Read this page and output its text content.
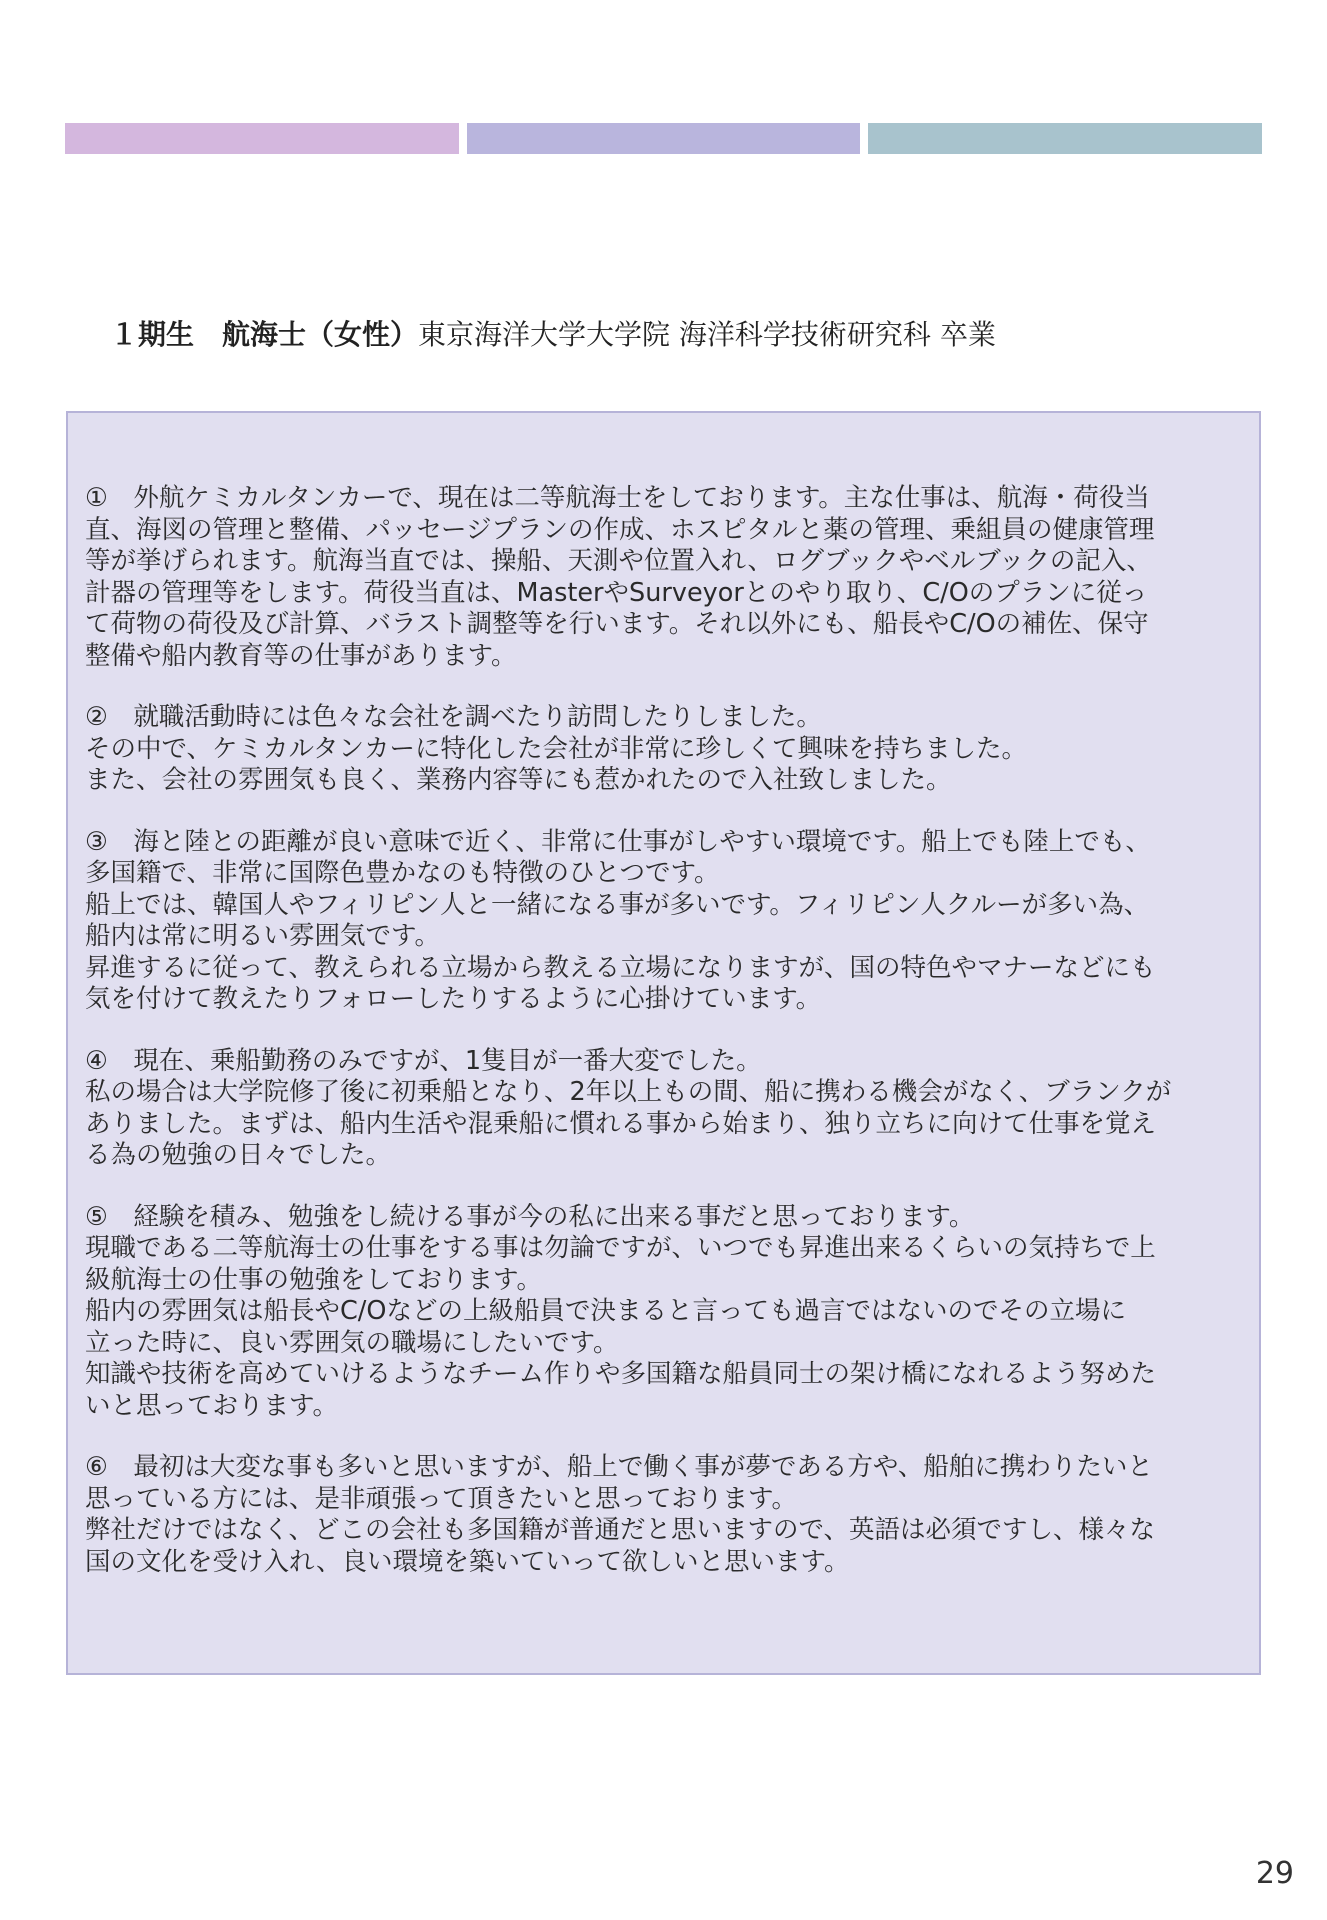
１期生　航海士（女性）東京海洋大学大学院 海洋科学技術研究科 卒業

①　外航ケミカルタンカーで、現在は二等航海士をしております。主な仕事は、航海・荷役当

直、海図の管理と整備、パッセージプランの作成、ホスピタルと薬の管理、乗組員の健康管理

等が挙げられます。航海当直では、操船、天測や位置入れ、ログブックやベルブックの記入、

計器の管理等をします。荷役当直は、MasterやSurveyorとのやり取り、C/Oのプランに従っ

て荷物の荷役及び計算、バラスト調整等を行います。それ以外にも、船長やC/Oの補佐、保守

整備や船内教育等の仕事があります。

②　就職活動時には色々な会社を調べたり訪問したりしました。

その中で、ケミカルタンカーに特化した会社が非常に珍しくて興味を持ちました。

また、会社の雰囲気も良く、業務内容等にも惹かれたので入社致しました。

③　海と陸との距離が良い意味で近く、非常に仕事がしやすい環境です。船上でも陸上でも、

多国籍で、非常に国際色豊かなのも特徴のひとつです。

船上では、韓国人やフィリピン人と一緒になる事が多いです。フィリピン人クルーが多い為、

船内は常に明るい雰囲気です。

昇進するに従って、教えられる立場から教える立場になりますが、国の特色やマナーなどにも

気を付けて教えたりフォローしたりするように心掛けています。

④　現在、乗船勤務のみですが、1隻目が一番大変でした。

私の場合は大学院修了後に初乗船となり、2年以上もの間、船に携わる機会がなく、ブランクが

ありました。まずは、船内生活や混乗船に慣れる事から始まり、独り立ちに向けて仕事を覚え

る為の勉強の日々でした。

⑤　経験を積み、勉強をし続ける事が今の私に出来る事だと思っております。

現職である二等航海士の仕事をする事は勿論ですが、いつでも昇進出来るくらいの気持ちで上

級航海士の仕事の勉強をしております。

船内の雰囲気は船長やC/Oなどの上級船員で決まると言っても過言ではないのでその立場に

立った時に、良い雰囲気の職場にしたいです。

知識や技術を高めていけるようなチーム作りや多国籍な船員同士の架け橋になれるよう努めた

いと思っております。

⑥　最初は大変な事も多いと思いますが、船上で働く事が夢である方や、船舶に携わりたいと

思っている方には、是非頑張って頂きたいと思っております。

弊社だけではなく、どこの会社も多国籍が普通だと思いますので、英語は必須ですし、様々な

国の文化を受け入れ、良い環境を築いていって欲しいと思います。

29
